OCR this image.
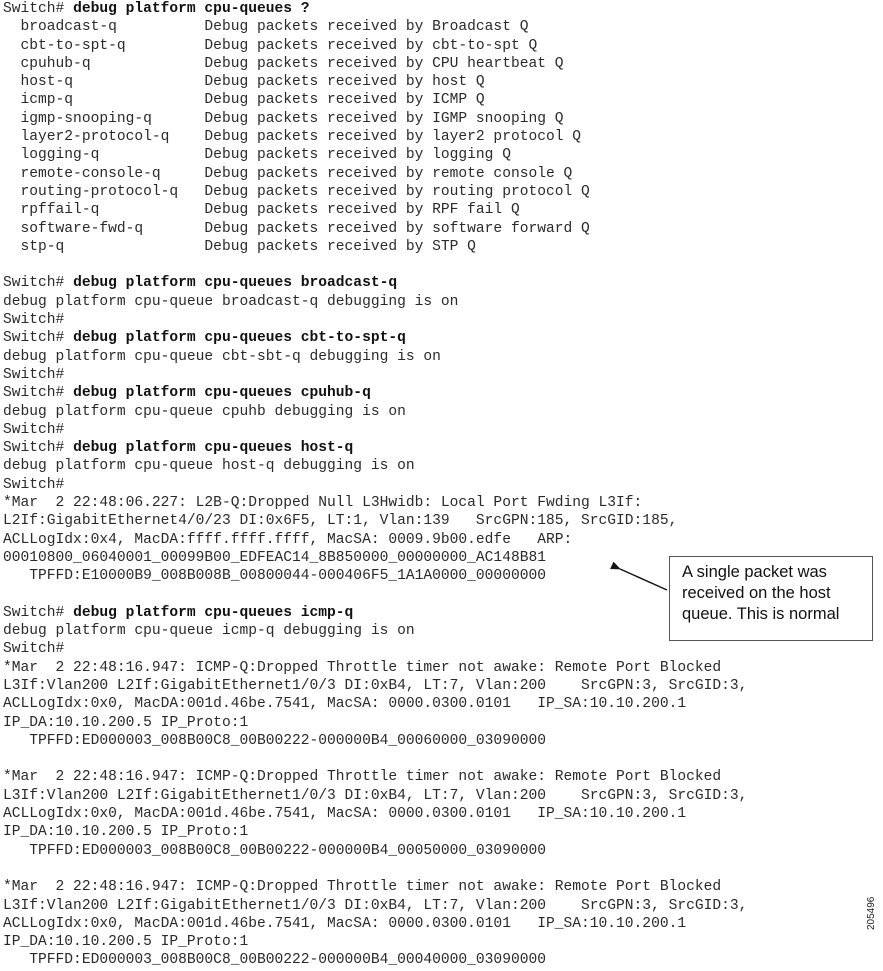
Switch# debug platform cpu-queues ?
broadcast-q          Debug packets received by Broadcast Q
cbt-to-spt-q         Debug packets received by cbt-to-spt Q
cpuhub-q             Debug packets received by CPU heartbeat Q
host-q               Debug packets received by host Q
icmp-q               Debug packets received by ICMP Q
igmp-snooping-q      Debug packets received by IGMP snooping Q
layer2-protocol-q    Debug packets received by layer2 protocol Q
logging-q            Debug packets received by logging Q
remote-console-q     Debug packets received by remote console Q
routing-protocol-q   Debug packets received by routing protocol Q
rpffail-q            Debug packets received by RPF fail Q
software-fwd-q       Debug packets received by software forward Q
stp-q                Debug packets received by STP Q
Switch# debug platform cpu-queues broadcast-q
debug platform cpu-queue broadcast-q debugging is on
Switch#
Switch# debug platform cpu-queues cbt-to-spt-q
debug platform cpu-queue cbt-sbt-q debugging is on
Switch#
Switch# debug platform cpu-queues cpuhub-q
debug platform cpu-queue cpuhb debugging is on
Switch#
Switch# debug platform cpu-queues host-q
debug platform cpu-queue host-q debugging is on
Switch#
*Mar  2 22:48:06.227: L2B-Q:Dropped Null L3Hwidb: Local Port Fwding L3If:
L2If:GigabitEthernet4/0/23 DI:0x6F5, LT:1, Vlan:139   SrcGPN:185, SrcGID:185,
ACLLogIdx:0x4, MacDA:ffff.ffff.ffff, MacSA: 0009.9b00.edfe   ARP:
00010800_06040001_00099B00_EDFEAC14_8B850000_00000000_AC148B81
TPFFD:E10000B9_008B008B_00800044-000406F5_1A1A0000_00000000
Switch# debug platform cpu-queues icmp-q
debug platform cpu-queue icmp-q debugging is on
Switch#
*Mar  2 22:48:16.947: ICMP-Q:Dropped Throttle timer not awake: Remote Port Blocked
L3If:Vlan200 L2If:GigabitEthernet1/0/3 DI:0xB4, LT:7, Vlan:200    SrcGPN:3, SrcGID:3,
ACLLogIdx:0x0, MacDA:001d.46be.7541, MacSA: 0000.0300.0101   IP_SA:10.10.200.1
IP_DA:10.10.200.5 IP_Proto:1
TPFFD:ED000003_008B00C8_00B00222-000000B4_00060000_03090000
*Mar  2 22:48:16.947: ICMP-Q:Dropped Throttle timer not awake: Remote Port Blocked
L3If:Vlan200 L2If:GigabitEthernet1/0/3 DI:0xB4, LT:7, Vlan:200    SrcGPN:3, SrcGID:3,
ACLLogIdx:0x0, MacDA:001d.46be.7541, MacSA: 0000.0300.0101   IP_SA:10.10.200.1
IP_DA:10.10.200.5 IP_Proto:1
TPFFD:ED000003_008B00C8_00B00222-000000B4_00050000_03090000
*Mar  2 22:48:16.947: ICMP-Q:Dropped Throttle timer not awake: Remote Port Blocked
L3If:Vlan200 L2If:GigabitEthernet1/0/3 DI:0xB4, LT:7, Vlan:200    SrcGPN:3, SrcGID:3,
ACLLogIdx:0x0, MacDA:001d.46be.7541, MacSA: 0000.0300.0101   IP_SA:10.10.200.1
IP_DA:10.10.200.5 IP_Proto:1
TPFFD:ED000003_008B00C8_00B00222-000000B4_00040000_03090000
A single packet was
received on the host
queue. This is normal
205496
